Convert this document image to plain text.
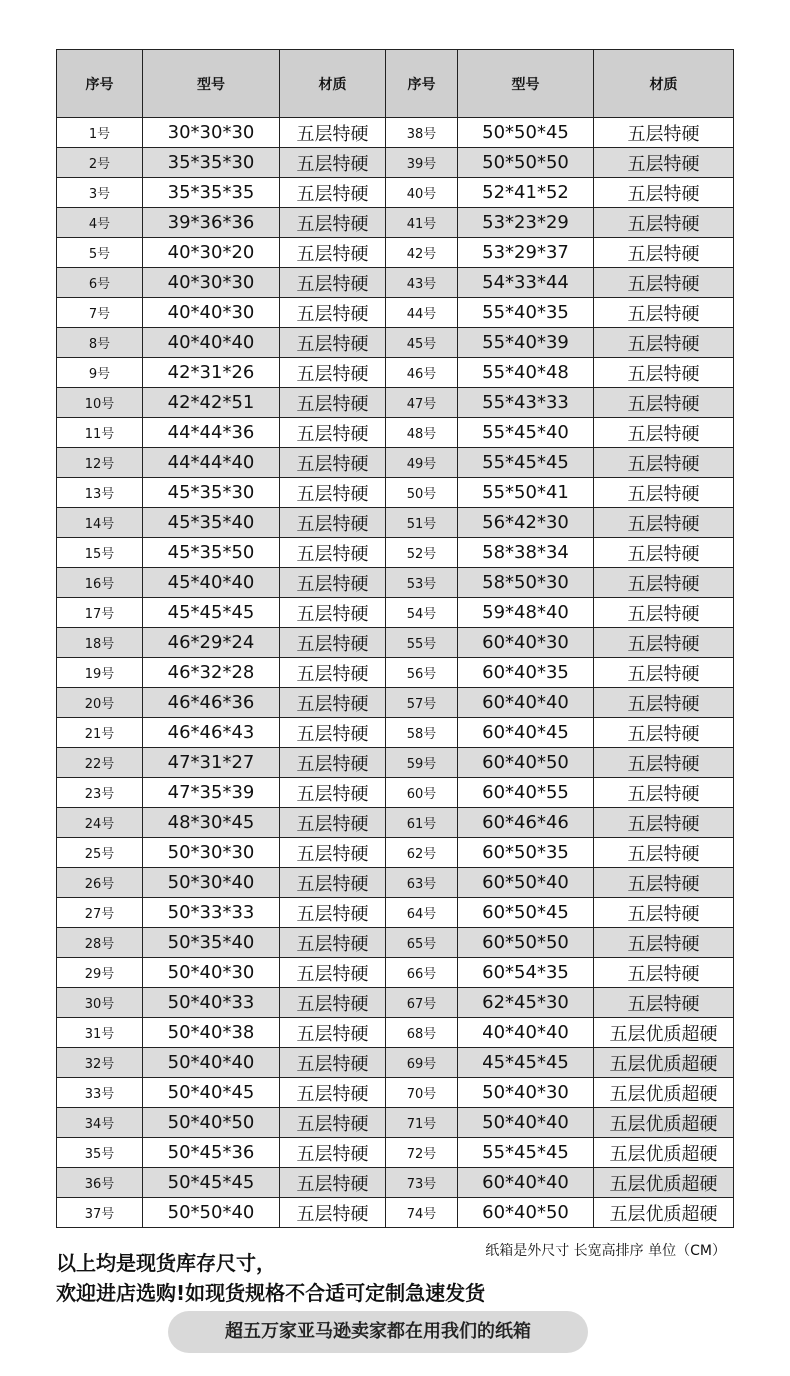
序号	型号	材质	序号	型号	材质
1号	30*30*30	五层特硬	38号	50*50*45	五层特硬
2号	35*35*30	五层特硬	39号	50*50*50	五层特硬
3号	35*35*35	五层特硬	40号	52*41*52	五层特硬
4号	39*36*36	五层特硬	41号	53*23*29	五层特硬
5号	40*30*20	五层特硬	42号	53*29*37	五层特硬
6号	40*30*30	五层特硬	43号	54*33*44	五层特硬
7号	40*40*30	五层特硬	44号	55*40*35	五层特硬
8号	40*40*40	五层特硬	45号	55*40*39	五层特硬
9号	42*31*26	五层特硬	46号	55*40*48	五层特硬
10号	42*42*51	五层特硬	47号	55*43*33	五层特硬
11号	44*44*36	五层特硬	48号	55*45*40	五层特硬
12号	44*44*40	五层特硬	49号	55*45*45	五层特硬
13号	45*35*30	五层特硬	50号	55*50*41	五层特硬
14号	45*35*40	五层特硬	51号	56*42*30	五层特硬
15号	45*35*50	五层特硬	52号	58*38*34	五层特硬
16号	45*40*40	五层特硬	53号	58*50*30	五层特硬
17号	45*45*45	五层特硬	54号	59*48*40	五层特硬
18号	46*29*24	五层特硬	55号	60*40*30	五层特硬
19号	46*32*28	五层特硬	56号	60*40*35	五层特硬
20号	46*46*36	五层特硬	57号	60*40*40	五层特硬
21号	46*46*43	五层特硬	58号	60*40*45	五层特硬
22号	47*31*27	五层特硬	59号	60*40*50	五层特硬
23号	47*35*39	五层特硬	60号	60*40*55	五层特硬
24号	48*30*45	五层特硬	61号	60*46*46	五层特硬
25号	50*30*30	五层特硬	62号	60*50*35	五层特硬
26号	50*30*40	五层特硬	63号	60*50*40	五层特硬
27号	50*33*33	五层特硬	64号	60*50*45	五层特硬
28号	50*35*40	五层特硬	65号	60*50*50	五层特硬
29号	50*40*30	五层特硬	66号	60*54*35	五层特硬
30号	50*40*33	五层特硬	67号	62*45*30	五层特硬
31号	50*40*38	五层特硬	68号	40*40*40	五层优质超硬
32号	50*40*40	五层特硬	69号	45*45*45	五层优质超硬
33号	50*40*45	五层特硬	70号	50*40*30	五层优质超硬
34号	50*40*50	五层特硬	71号	50*40*40	五层优质超硬
35号	50*45*36	五层特硬	72号	55*45*45	五层优质超硬
36号	50*45*45	五层特硬	73号	60*40*40	五层优质超硬
37号	50*50*40	五层特硬	74号	60*40*50	五层优质超硬
纸箱是外尺寸 长宽高排序 单位（CM）
以上均是现货库存尺寸，
欢迎进店选购!如现货规格不合适可定制急速发货
超五万家亚马逊卖家都在用我们的纸箱
